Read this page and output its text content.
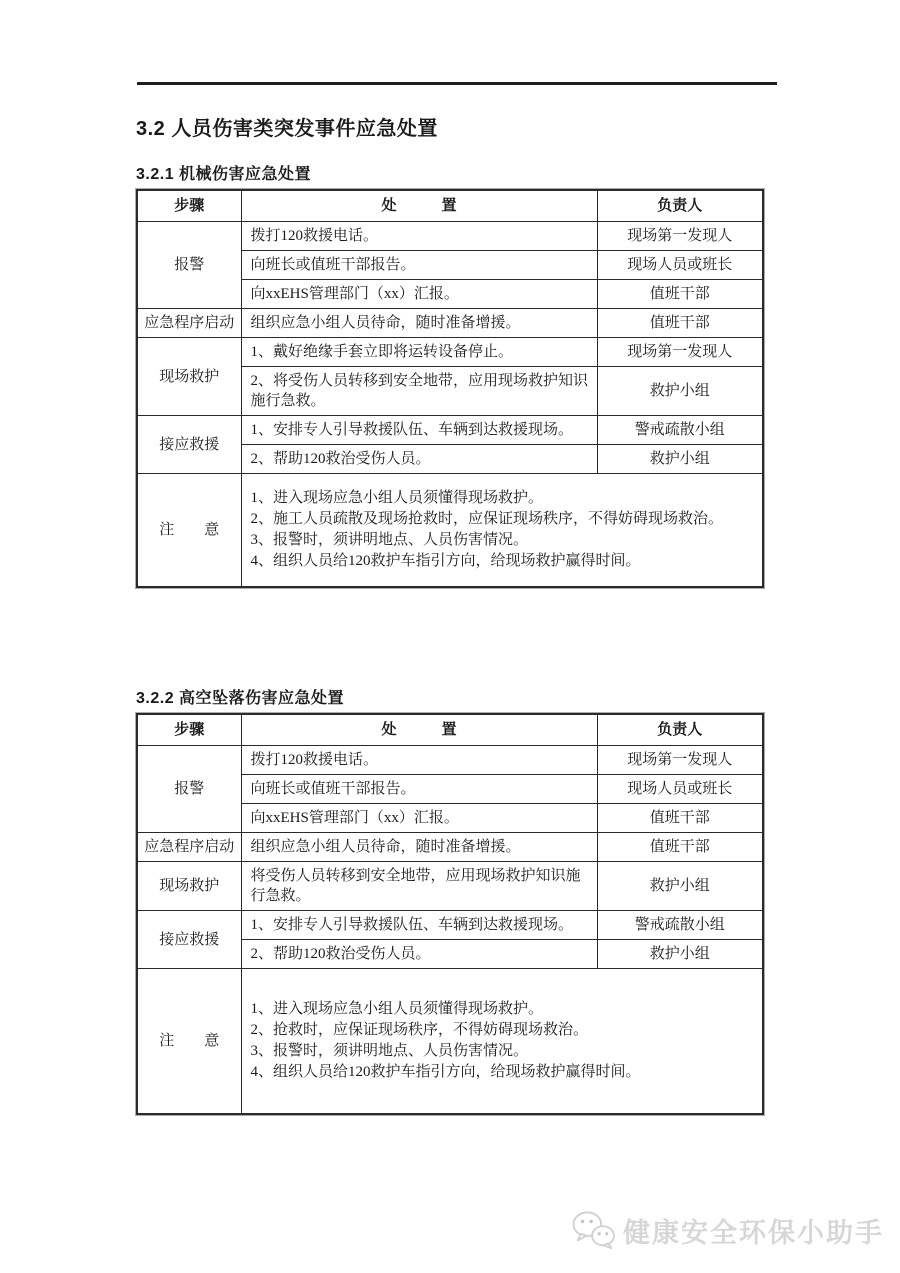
3.2 人员伤害类突发事件应急处置
3.2.1 机械伤害应急处置
步骤	处　　　置	负责人
报警	拨打120救援电话。	现场第一发现人
	向班长或值班干部报告。	现场人员或班长
	向xxEHS管理部门（xx）汇报。	值班干部
应急程序启动	组织应急小组人员待命，随时准备增援。	值班干部
现场救护	1、戴好绝缘手套立即将运转设备停止。	现场第一发现人
	2、将受伤人员转移到安全地带，应用现场救护知识施行急救。	救护小组
接应救援	1、安排专人引导救援队伍、车辆到达救援现场。	警戒疏散小组
	2、帮助120救治受伤人员。	救护小组
注　　意	1、进入现场应急小组人员须懂得现场救护。
2、施工人员疏散及现场抢救时，应保证现场秩序，不得妨碍现场救治。
3、报警时，须讲明地点、人员伤害情况。
4、组织人员给120救护车指引方向，给现场救护赢得时间。	
3.2.2 高空坠落伤害应急处置
步骤	处　　　置	负责人
报警	拨打120救援电话。	现场第一发现人
	向班长或值班干部报告。	现场人员或班长
	向xxEHS管理部门（xx）汇报。	值班干部
应急程序启动	组织应急小组人员待命，随时准备增援。	值班干部
现场救护	将受伤人员转移到安全地带，应用现场救护知识施行急救。	救护小组
接应救援	1、安排专人引导救援队伍、车辆到达救援现场。	警戒疏散小组
	2、帮助120救治受伤人员。	救护小组
注　　意	1、进入现场应急小组人员须懂得现场救护。
2、抢救时，应保证现场秩序，不得妨碍现场救治。
3、报警时，须讲明地点、人员伤害情况。
4、组织人员给120救护车指引方向，给现场救护赢得时间。	
健康安全环保小助手
